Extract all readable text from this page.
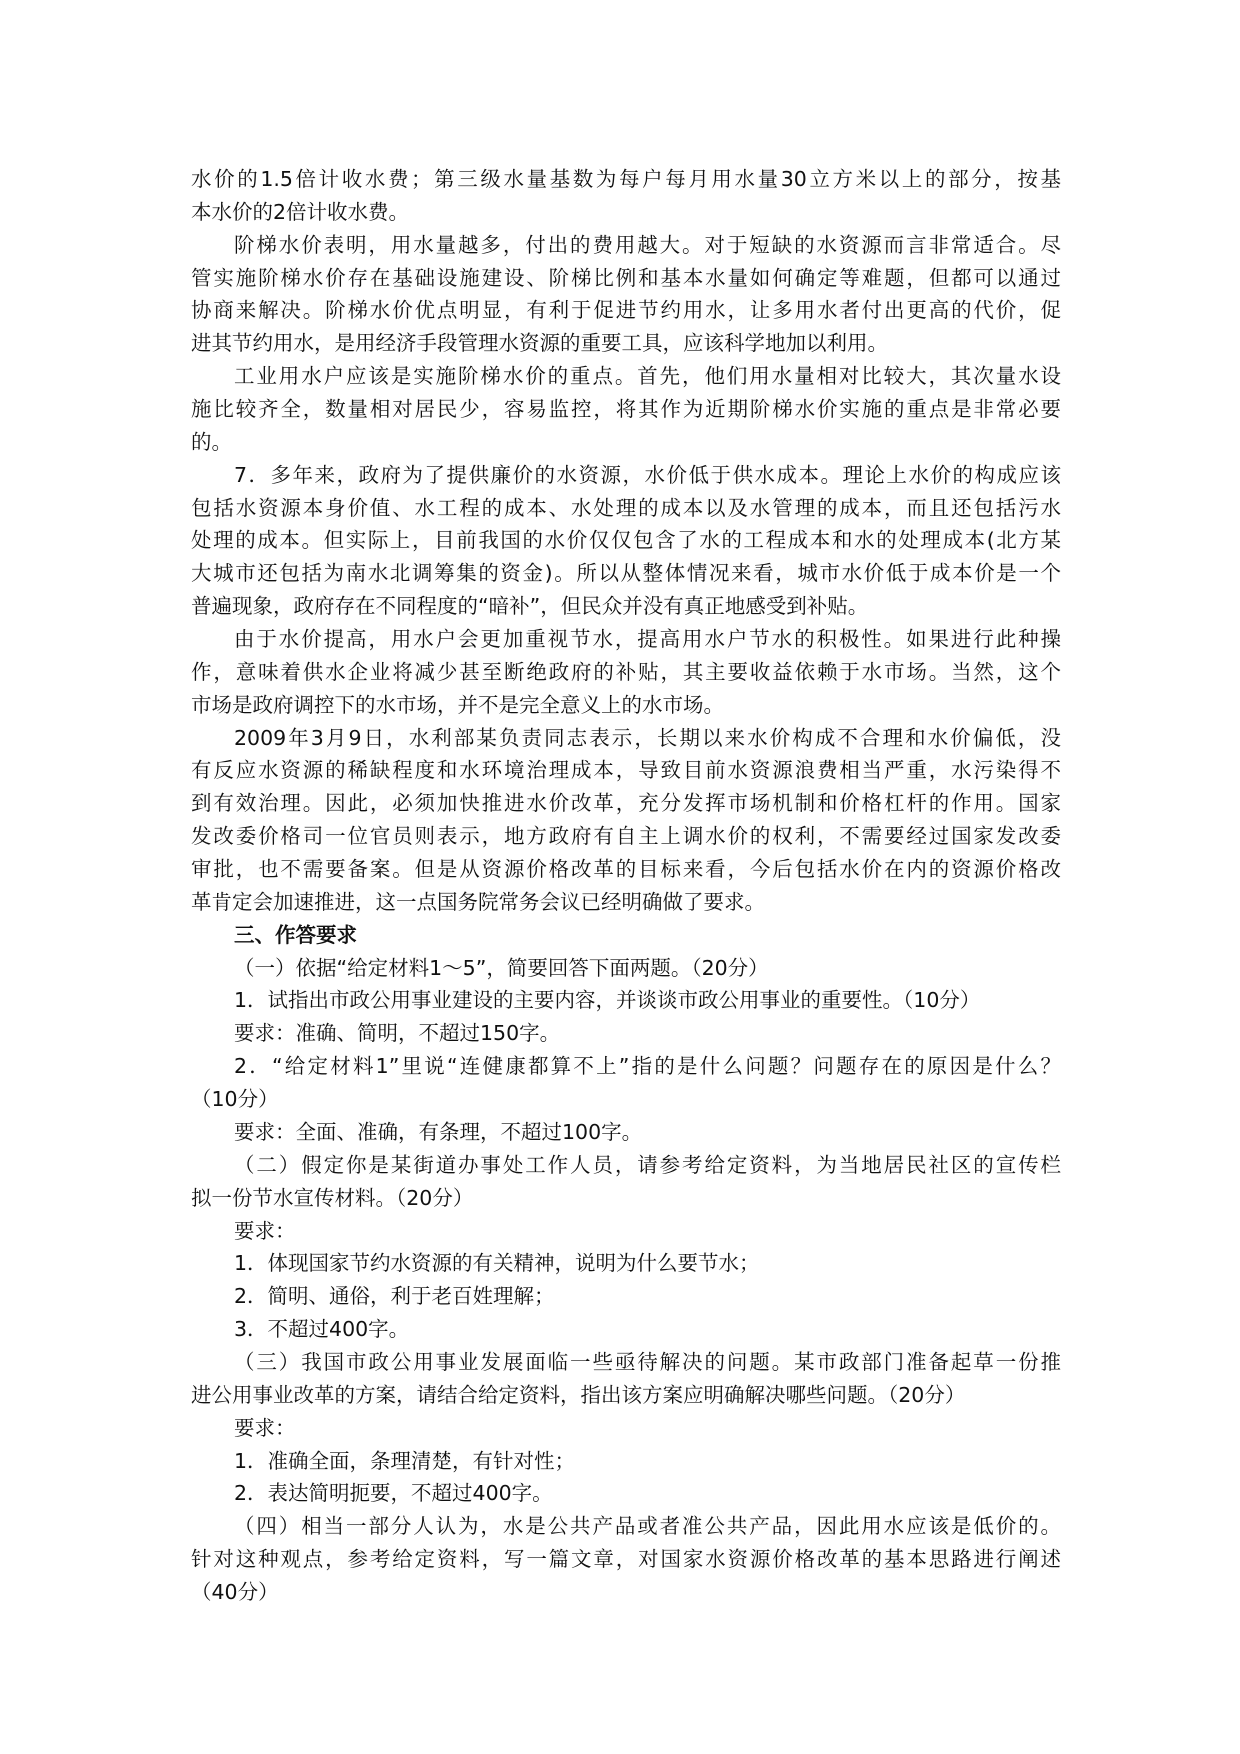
水价的1.5倍计收水费；第三级水量基数为每户每月用水量30立方米以上的部分，按基
本水价的2倍计收水费。
阶梯水价表明，用水量越多，付出的费用越大。对于短缺的水资源而言非常适合。尽
管实施阶梯水价存在基础设施建设、阶梯比例和基本水量如何确定等难题，但都可以通过
协商来解决。阶梯水价优点明显，有利于促进节约用水，让多用水者付出更高的代价，促
进其节约用水，是用经济手段管理水资源的重要工具，应该科学地加以利用。
工业用水户应该是实施阶梯水价的重点。首先，他们用水量相对比较大，其次量水设
施比较齐全，数量相对居民少，容易监控，将其作为近期阶梯水价实施的重点是非常必要
的。
7．多年来，政府为了提供廉价的水资源，水价低于供水成本。理论上水价的构成应该
包括水资源本身价值、水工程的成本、水处理的成本以及水管理的成本，而且还包括污水
处理的成本。但实际上，目前我国的水价仅仅包含了水的工程成本和水的处理成本(北方某
大城市还包括为南水北调筹集的资金)。所以从整体情况来看，城市水价低于成本价是一个
普遍现象，政府存在不同程度的“暗补”，但民众并没有真正地感受到补贴。
由于水价提高，用水户会更加重视节水，提高用水户节水的积极性。如果进行此种操
作，意味着供水企业将减少甚至断绝政府的补贴，其主要收益依赖于水市场。当然，这个
市场是政府调控下的水市场，并不是完全意义上的水市场。
2009年3月9日，水利部某负责同志表示，长期以来水价构成不合理和水价偏低，没
有反应水资源的稀缺程度和水环境治理成本，导致目前水资源浪费相当严重，水污染得不
到有效治理。因此，必须加快推进水价改革，充分发挥市场机制和价格杠杆的作用。国家
发改委价格司一位官员则表示，地方政府有自主上调水价的权利，不需要经过国家发改委
审批，也不需要备案。但是从资源价格改革的目标来看，今后包括水价在内的资源价格改
革肯定会加速推进，这一点国务院常务会议已经明确做了要求。
三、作答要求
（一）依据“给定材料1～5”，简要回答下面两题。（20分）
1．试指出市政公用事业建设的主要内容，并谈谈市政公用事业的重要性。（10分）
要求：准确、简明，不超过150字。
2．“给定材料1”里说“连健康都算不上”指的是什么问题？问题存在的原因是什么？
（10分）
要求：全面、准确，有条理，不超过100字。
（二）假定你是某街道办事处工作人员，请参考给定资料，为当地居民社区的宣传栏
拟一份节水宣传材料。（20分）
要求：
1．体现国家节约水资源的有关精神，说明为什么要节水；
2．简明、通俗，利于老百姓理解；
3．不超过400字。
（三）我国市政公用事业发展面临一些亟待解决的问题。某市政部门准备起草一份推
进公用事业改革的方案，请结合给定资料，指出该方案应明确解决哪些问题。（20分）
要求：
1．准确全面，条理清楚，有针对性；
2．表达简明扼要，不超过400字。
（四）相当一部分人认为，水是公共产品或者准公共产品，因此用水应该是低价的。
针对这种观点，参考给定资料，写一篇文章，对国家水资源价格改革的基本思路进行阐述
（40分）
